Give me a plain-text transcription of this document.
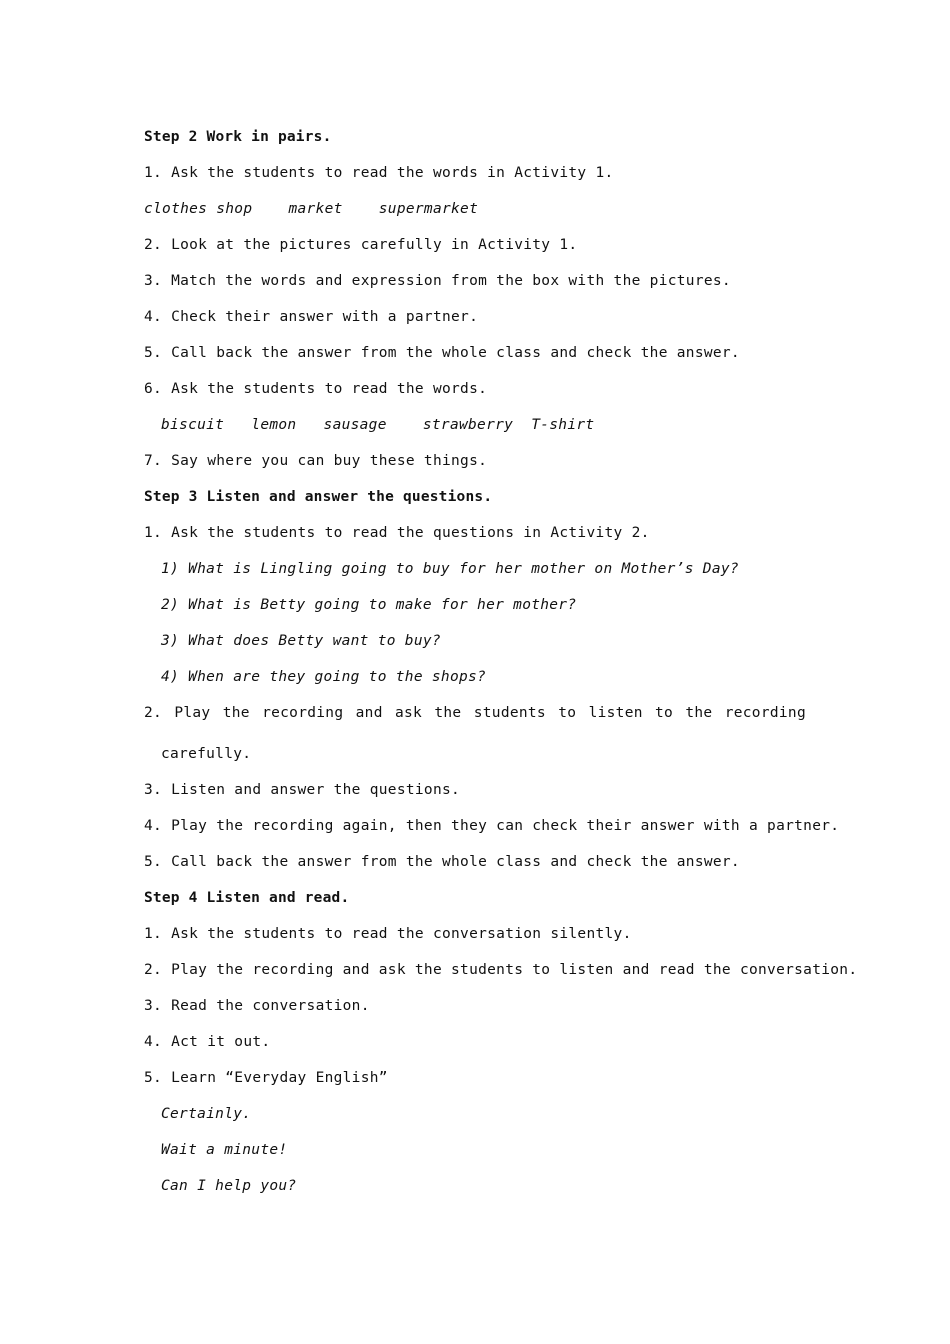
Step 2 Work in pairs.
1. Ask the students to read the words in Activity 1.
clothes shop    market    supermarket
2. Look at the pictures carefully in Activity 1.
3. Match the words and expression from the box with the pictures.
4. Check their answer with a partner.
5. Call back the answer from the whole class and check the answer.
6. Ask the students to read the words.
biscuit   lemon   sausage    strawberry  T-shirt
7. Say where you can buy these things.
Step 3 Listen and answer the questions.
1. Ask the students to read the questions in Activity 2.
1) What is Lingling going to buy for her mother on Mother’s Day?
2) What is Betty going to make for her mother?
3) What does Betty want to buy?
4) When are they going to the shops?
2. Play the recording and ask the students to listen to the recording
carefully.
3. Listen and answer the questions.
4. Play the recording again, then they can check their answer with a partner.
5. Call back the answer from the whole class and check the answer.
Step 4 Listen and read.
1. Ask the students to read the conversation silently.
2. Play the recording and ask the students to listen and read the conversation.
3. Read the conversation.
4. Act it out.
5. Learn “Everyday English”
Certainly.
Wait a minute!
Can I help you?
